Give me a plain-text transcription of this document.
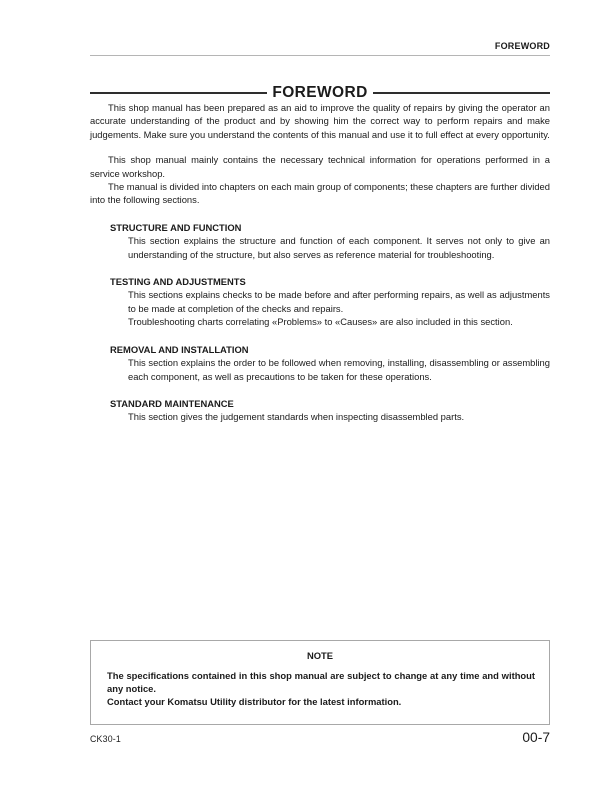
FOREWORD
FOREWORD

This shop manual has been prepared as an aid to improve the quality of repairs by giving the operator an accurate understanding of the product and by showing him the correct way to perform repairs and make judgements. Make sure you understand the contents of this manual and use it to full effect at every opportunity.

This shop manual mainly contains the necessary technical information for operations performed in a service workshop.

The manual is divided into chapters on each main group of components; these chapters are further divided into the following sections.

STRUCTURE AND FUNCTION

This section explains the structure and function of each component. It serves not only to give an understanding of the structure, but also serves as reference material for troubleshooting.

TESTING AND ADJUSTMENTS

This sections explains checks to be made before and after performing repairs, as well as adjustments to be made at completion of the checks and repairs.

Troubleshooting charts correlating «Problems» to «Causes» are also included in this section.

REMOVAL AND INSTALLATION

This section explains the order to be followed when removing, installing, disassembling or assembling each component, as well as precautions to be taken for these operations.

STANDARD MAINTENANCE

This section gives the judgement standards when inspecting disassembled parts.

NOTE

The specifications contained in this shop manual are subject to change at any time and without any notice.

Contact your Komatsu Utility distributor for the latest information.

CK30-1	00-7
